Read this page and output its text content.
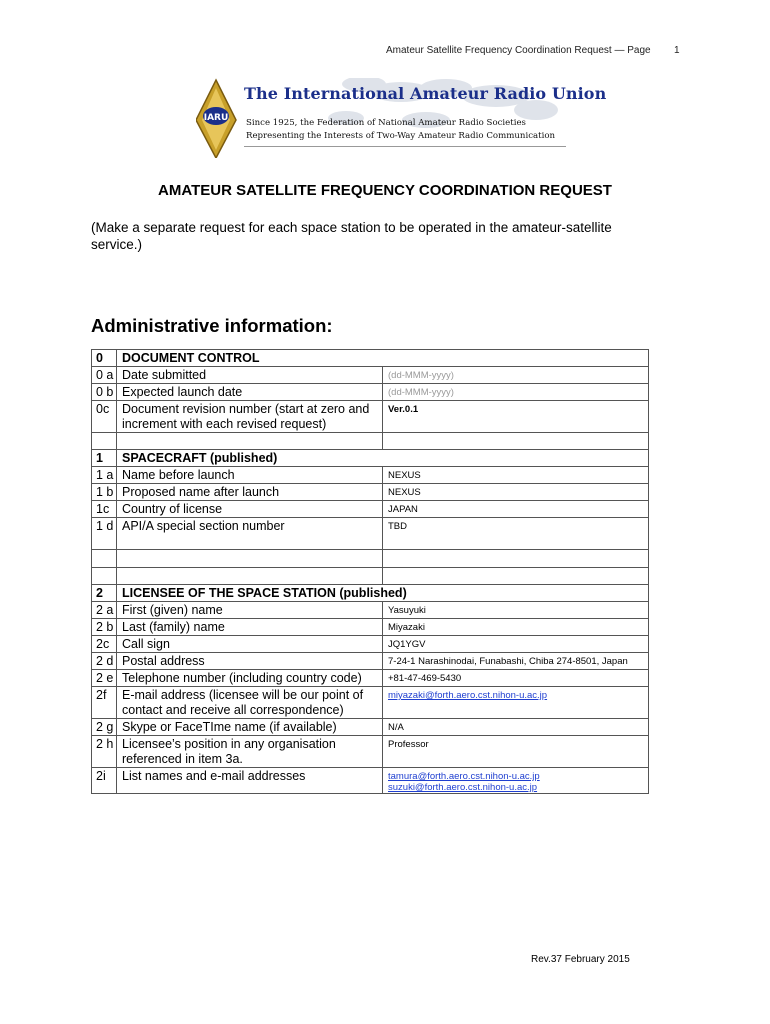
Amateur Satellite Frequency Coordination Request — Page 1
IARU
The International Amateur Radio Union
Since 1925, the Federation of National Amateur Radio Societies
Representing the Interests of Two-Way Amateur Radio Communication
AMATEUR SATELLITE FREQUENCY COORDINATION REQUEST
(Make a separate request for each space station to be operated in the amateur-satellite service.)
Administrative information:
0	DOCUMENT CONTROL	
0 a	Date submitted	(dd-MMM-yyyy)
0 b	Expected launch date	(dd-MMM-yyyy)
0c	Document revision number (start at zero and increment with each revised request)	Ver.0.1

1	SPACECRAFT (published)	
1 a	Name before launch	NEXUS
1 b	Proposed name after launch	NEXUS
1c	Country of license	JAPAN
1 d	API/A special section number	TBD

2	LICENSEE OF THE SPACE STATION (published)	
2 a	First (given) name	Yasuyuki
2 b	Last (family) name	Miyazaki
2c	Call sign	JQ1YGV
2 d	Postal address	7-24-1 Narashinodai, Funabashi, Chiba 274-8501, Japan
2 e	Telephone number (including country code)	+81-47-469-5430
2f	E-mail address (licensee will be our point of contact and receive all correspondence)	miyazaki@forth.aero.cst.nihon-u.ac.jp

2 g	Skype or FaceTIme name (if available)	N/A
2 h	Licensee’s position in any organisation referenced in item 3a.	Professor
2i	List names and e-mail addresses	tamura@forth.aero.cst.nihon-u.ac.jp
suzuki@forth.aero.cst.nihon-u.ac.jp
Rev.37 February 2015
